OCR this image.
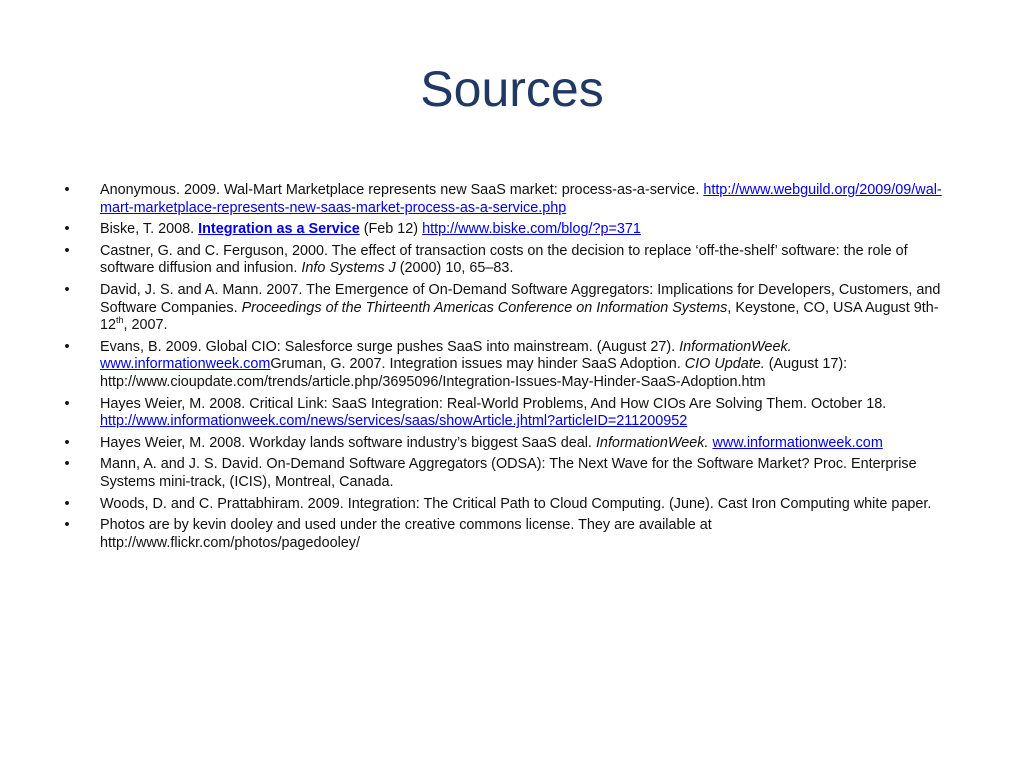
Sources
•	Anonymous. 2009. Wal-Mart Marketplace represents new SaaS market: process-as-a-service. http://www.webguild.org/2009/09/wal-mart-marketplace-represents-new-saas-market-process-as-a-service.php
•	Biske, T. 2008. Integration as a Service (Feb 12) http://www.biske.com/blog/?p=371
•	Castner, G. and C. Ferguson, 2000. The effect of transaction costs on the decision to replace ‘off-the-shelf’ software: the role of software diffusion and infusion. Info Systems J (2000) 10, 65–83.
•	David, J. S. and A. Mann. 2007. The Emergence of On-Demand Software Aggregators: Implications for Developers, Customers, and Software Companies. Proceedings of the Thirteenth Americas Conference on Information Systems, Keystone, CO, USA August 9th-12th, 2007.
•	Evans, B. 2009. Global CIO: Salesforce surge pushes SaaS into mainstream. (August 27). InformationWeek. www.informationweek.comGruman, G. 2007. Integration issues may hinder SaaS Adoption. CIO Update. (August 17): http://www.cioupdate.com/trends/article.php/3695096/Integration-Issues-May-Hinder-SaaS-Adoption.htm
•	Hayes Weier, M. 2008. Critical Link: SaaS Integration: Real-World Problems, And How CIOs Are Solving Them. October 18. http://www.informationweek.com/news/services/saas/showArticle.jhtml?articleID=211200952
•	Hayes Weier, M. 2008. Workday lands software industry’s biggest SaaS deal. InformationWeek. www.informationweek.com
•	Mann, A. and J. S. David. On-Demand Software Aggregators (ODSA): The Next Wave for the Software Market? Proc. Enterprise Systems mini-track, (ICIS), Montreal, Canada.
•	Woods, D. and C. Prattabhiram. 2009. Integration: The Critical Path to Cloud Computing. (June). Cast Iron Computing white paper.
•	Photos are by kevin dooley and used under the creative commons license. They are available at http://www.flickr.com/photos/pagedooley/
